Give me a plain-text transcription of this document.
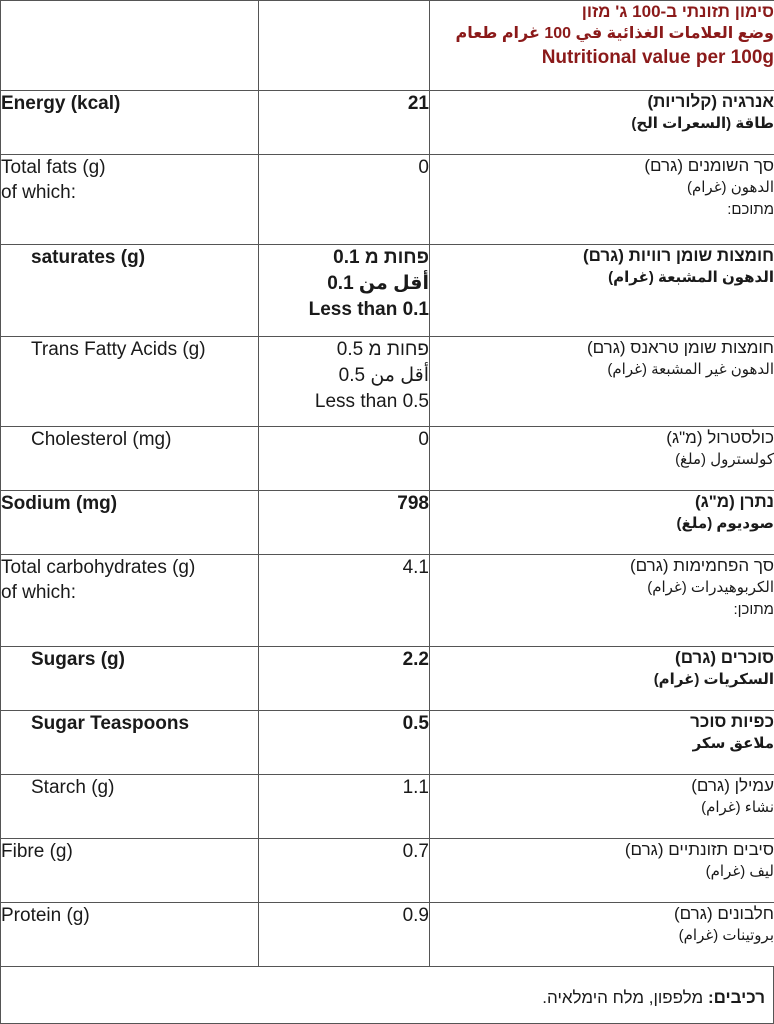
		סימון תזונתי ב-100 ג' מזון
وضع العلامات الغذائية في 100 غرام طعام
Nutritional value per 100g

Energy (kcal)	21	אנרגיה (קלוריות)
طاقة (السعرات الح)

Total fats (g)
of which:	0	סך השומנים (גרם)
الدهون (غرام)
מתוכם:

saturates (g)	פחות מ 0.1
أقل من 0.1
Less than 0.1	חומצות שומן רוויות (גרם)
الدهون المشبعة (غرام)

Trans Fatty Acids (g)	פחות מ 0.5
أقل من 0.5
Less than 0.5	חומצות שומן טראנס (גרם)
الدهون غير المشبعة (غرام)

Cholesterol (mg)	0	כולסטרול (מ"ג)
كولسترول (ملغ)

Sodium (mg)	798	נתרן (מ"ג)
صوديوم (ملغ)

Total carbohydrates (g)
of which:	4.1	סך הפחמימות (גרם)
الكربوهيدرات (غرام)
מתוכן:

Sugars (g)	2.2	סוכרים (גרם)
السكريات (غرام)

Sugar Teaspoons	0.5	כפיות סוכר
ملاعق سكر

Starch (g)	1.1	עמילן (גרם)
نشاء (غرام)

Fibre (g)	0.7	סיבים תזונתיים (גרם)
ليف (غرام)

Protein (g)	0.9	חלבונים (גרם)
بروتينات (غرام)
רכיבים: מלפפון, מלח הימלאיה.
